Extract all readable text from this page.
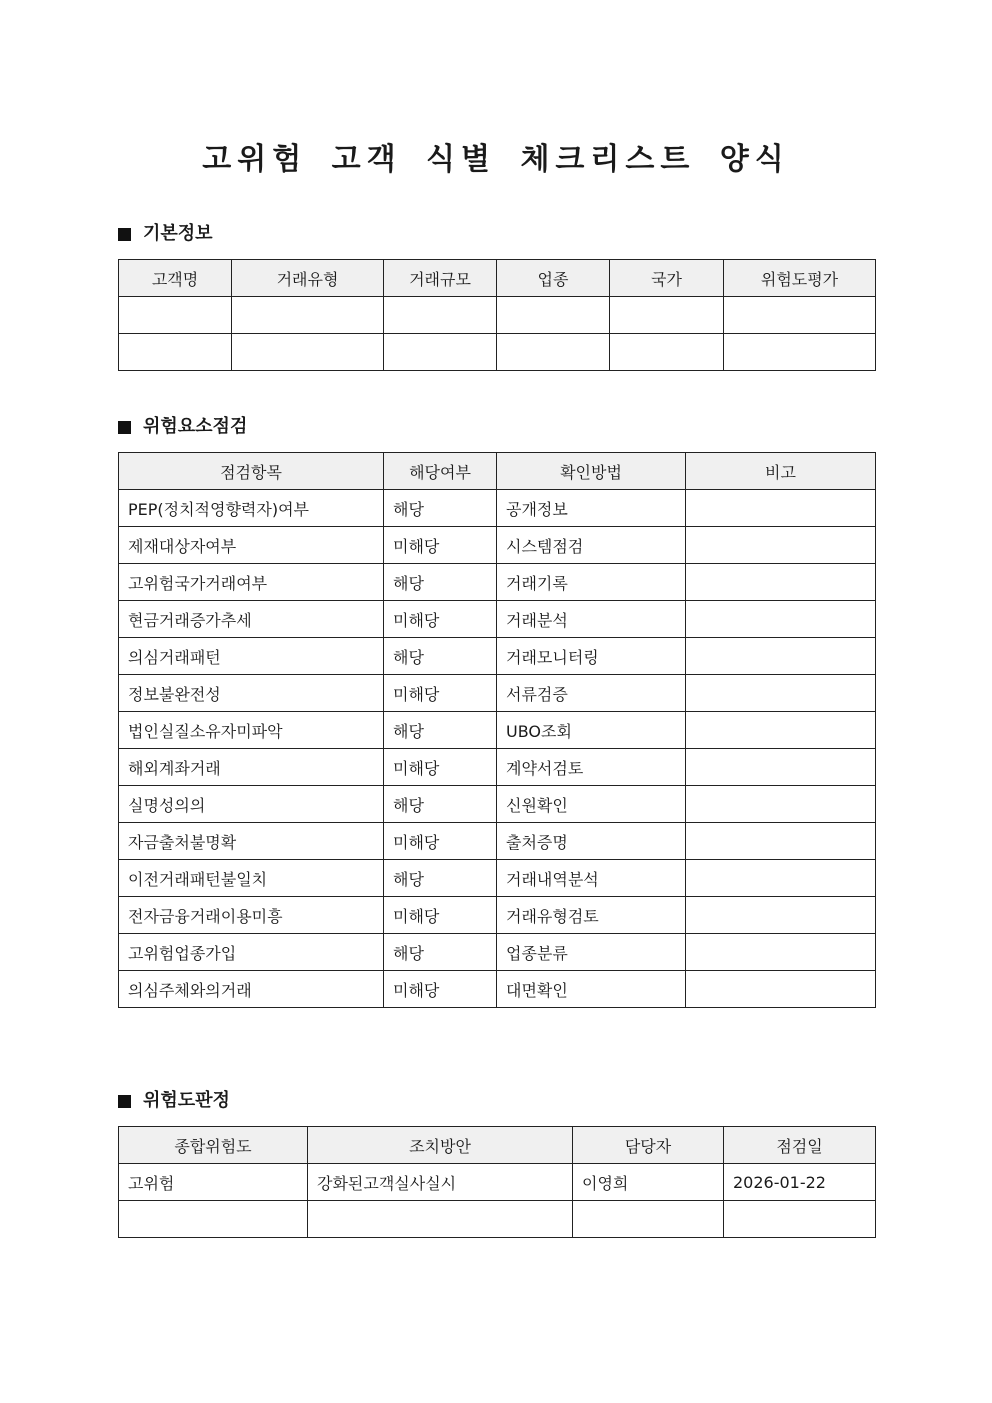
고위험 고객 식별 체크리스트 양식
기본정보
고객명	거래유형	거래규모	업종	국가	위험도평가

위험요소점검
점검항목	해당여부	확인방법	비고
PEP(정치적영향력자)여부	해당	공개정보	
제재대상자여부	미해당	시스템점검	
고위험국가거래여부	해당	거래기록	
현금거래증가추세	미해당	거래분석	
의심거래패턴	해당	거래모니터링	
정보불완전성	미해당	서류검증	
법인실질소유자미파악	해당	UBO조회	
해외계좌거래	미해당	계약서검토	
실명성의의	해당	신원확인	
자금출처불명확	미해당	출처증명	
이전거래패턴불일치	해당	거래내역분석	
전자금융거래이용미흥	미해당	거래유형검토	
고위험업종가입	해당	업종분류	
의심주체와의거래	미해당	대면확인	
위험도판정
종합위험도	조치방안	담당자	점검일
고위험	강화된고객실사실시	이영희	2026-01-22
